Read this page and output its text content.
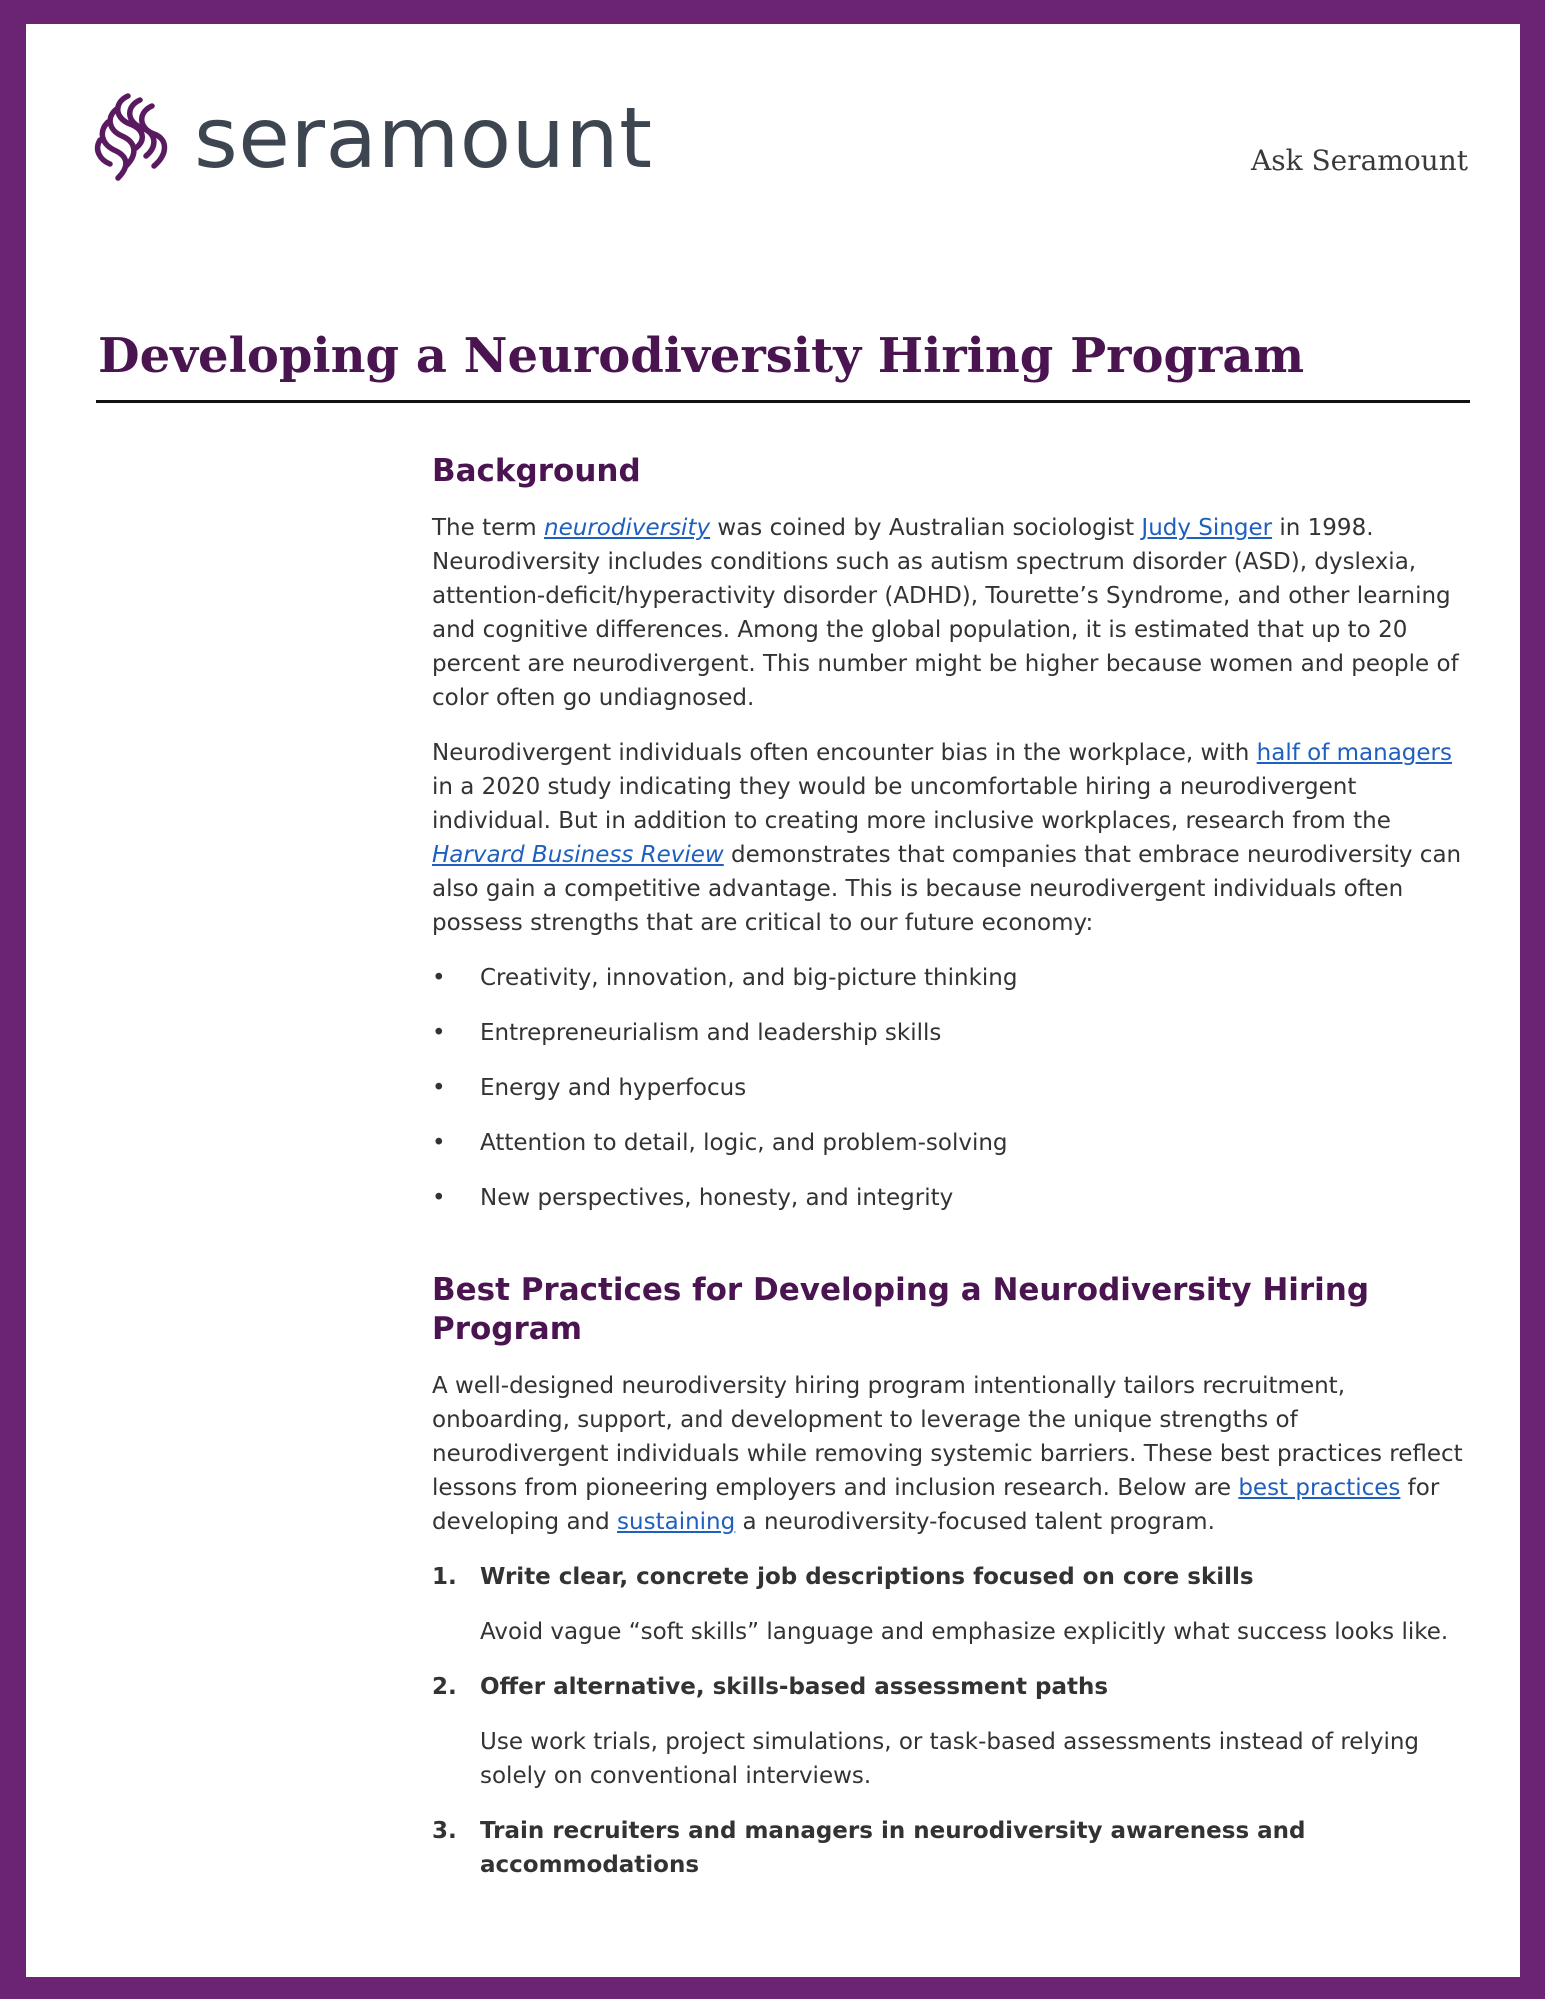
seramount	Ask Seramount
Developing a Neurodiversity Hiring Program
Background

The term neurodiversity was coined by Australian sociologist Judy Singer in 1998. Neurodiversity includes conditions such as autism spectrum disorder (ASD), dyslexia, attention-deficit/hyperactivity disorder (ADHD), Tourette’s Syndrome, and other learning and cognitive differences. Among the global population, it is estimated that up to 20 percent are neurodivergent. This number might be higher because women and people of color often go undiagnosed.

Neurodivergent individuals often encounter bias in the workplace, with half of managers in a 2020 study indicating they would be uncomfortable hiring a neurodivergent individual. But in addition to creating more inclusive workplaces, research from the Harvard Business Review demonstrates that companies that embrace neurodiversity can also gain a competitive advantage. This is because neurodivergent individuals often possess strengths that are critical to our future economy:

• Creativity, innovation, and big-picture thinking
• Entrepreneurialism and leadership skills
• Energy and hyperfocus
• Attention to detail, logic, and problem-solving
• New perspectives, honesty, and integrity
Best Practices for Developing a Neurodiversity Hiring Program

A well-designed neurodiversity hiring program intentionally tailors recruitment, onboarding, support, and development to leverage the unique strengths of neurodivergent individuals while removing systemic barriers. These best practices reflect lessons from pioneering employers and inclusion research. Below are best practices for developing and sustaining a neurodiversity-focused talent program.

1. Write clear, concrete job descriptions focused on core skills
Avoid vague “soft skills” language and emphasize explicitly what success looks like.
2. Offer alternative, skills-based assessment paths
Use work trials, project simulations, or task-based assessments instead of relying solely on conventional interviews.
3. Train recruiters and managers in neurodiversity awareness and accommodations
